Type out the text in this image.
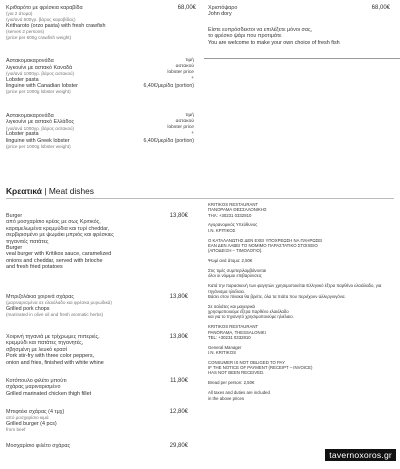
Κριθαρότο με φρέσκια καραβίδα
(για 2 άτομα)
(για/ανά 600γρ. βάρος καραβίδας)
Kritharoto (orzo pasta) with fresh crawfish
(serves 2 persons)
(price per 600g crawfish weight)
68,00€
Αστακομακαρονάδα
λιγκουίνι με αστακό Καναδά
(για/ανά 1000γρ. βάρος αστακού)
Lobster pasta
linguine with Canadian lobster
(price per 1000g lobster weight)
τιμή
αστακού
lobster price
+
6,40€/μερίδα (portion)
Αστακομακαρονάδα
λιγκουίνι με αστακό Ελλάδος
(για/ανά 1000γρ. βάρος αστακού)
Lobster pasta
linguine with Greek lobster
(price per 1000g lobster weight)
τιμή
αστακού
lobster price
+
6,40€/μερίδα (portion)
Χριστόψαρο
John dory
68,00€
Είστε ευπρόσδεκτοι να επιλέξετε μόνοι σας,
το φρέσκο ψάρι που προτιμάτε
You are welcome to make your own choice of fresh fish
Κρεατικά | Meat dishes
Burger
από μοσχαρίσιο κρέας με σως Κριτικός,
καραμελωμένα κρεμμύδια και τυρί cheddar,
σερβιρισμένο με ψωμάκι μπριός και φρέσκιες
τηγανιτές πατάτες
Burger
veal burger with Kritikos sauce, caramelized
onions and cheddar, served with brioche
and fresh fried potatoes
13,80€
Μπριζολάκια χοιρινά σχάρας
(μαριναρισμένα σε ελαιόλαδο και φρέσκα μυρωδικά)
Grilled pork chops
(marinated in olive oil and fresh aromatic herbs)
13,80€
Χοιρινή τηγανιά με τρίχρωμες πιπεριές,
κρεμμύδι και πατάτες τηγανητές,
σβησμένη με λευκό κρασί
Pork stir-fry with three color peppers,
onion and fries, finished with white whine
13,80€
Κοτόπουλο φιλέτο μπούτι
σχάρας μαριναρισμένο
Grilled marinated chicken thigh fillet
11,80€
Μπιφτέκι σχάρας (4 τμχ)
από μοσχαρίσιο κιμά
Grilled burger (4 pcs)
from beef
12,80€
Μοσχαρίσιο φιλέτο σχάρας	29,80€
KRITIKOS RESTAURANT
ΠΑΝΟΡΑΜΑ ΘΕΣΣΑΛΟΝΙΚΗΣ
ΤΗΛ: +30231 0332810
Αγορανομικός Υπεύθυνος
Ι.Ν. ΚΡΙΤΙΚΟΣ
Ο ΚΑΤΑΛΑΝΩΤΗΣ ΔΕΝ ΕΧΕΙ ΥΠΟΧΡΕΩΣΗ ΝΑ ΠΛΗΡΩΣΕΙ
ΕΑΝ ΔΕΝ ΛΑΒΕΙ ΤΟ ΝΟΜΙΜΟ ΠΑΡΑΣΤΑΤΙΚΟ ΣΤΟΙΧΕΙΟ
(ΑΠΟΔΕΙΞΗ – ΤΙΜΟΛΟΓΙΟ).
Ψωμί ανά άτομο: 2,50€
Στις τιμές συμπεριλαμβάνονται
όλοι οι νόμιμοι επιβαρύνσεις
Κατά την παρασκευή των φαγητών χρησιμοποιείται Ελληνικό έξτρα παρθένο ελαιόλαδο, για τηγάνισμα ηλιέλαιο.
Βάσει στον πίνακα θα βρείτε, όλα τα πιάτα που περιέχουν αλλεργιογόνα.
Σε σαλάτες και μαγειρικά
χρησιμοποιούμε έξτρα παρθένο ελαιόλαδο
και για το τηγανητό χρησιμοποιούμε ηλιέλαιο.
KRITIKOS RESTAURANT
PANORAMA, THESSALONIKI
TEL: +30231 0332810
General Manager
I.N. KRITIKOS
CONSUMER IS NOT OBLIGED TO PAY
IF THE NOTICE OF PAYMENT (RECEIPT – INVOICE)
HAS NOT BEEN RECEIVED.
Bread per person: 2,50€
All taxes and duties are included
in the above prices
tavernoxoros.gr
